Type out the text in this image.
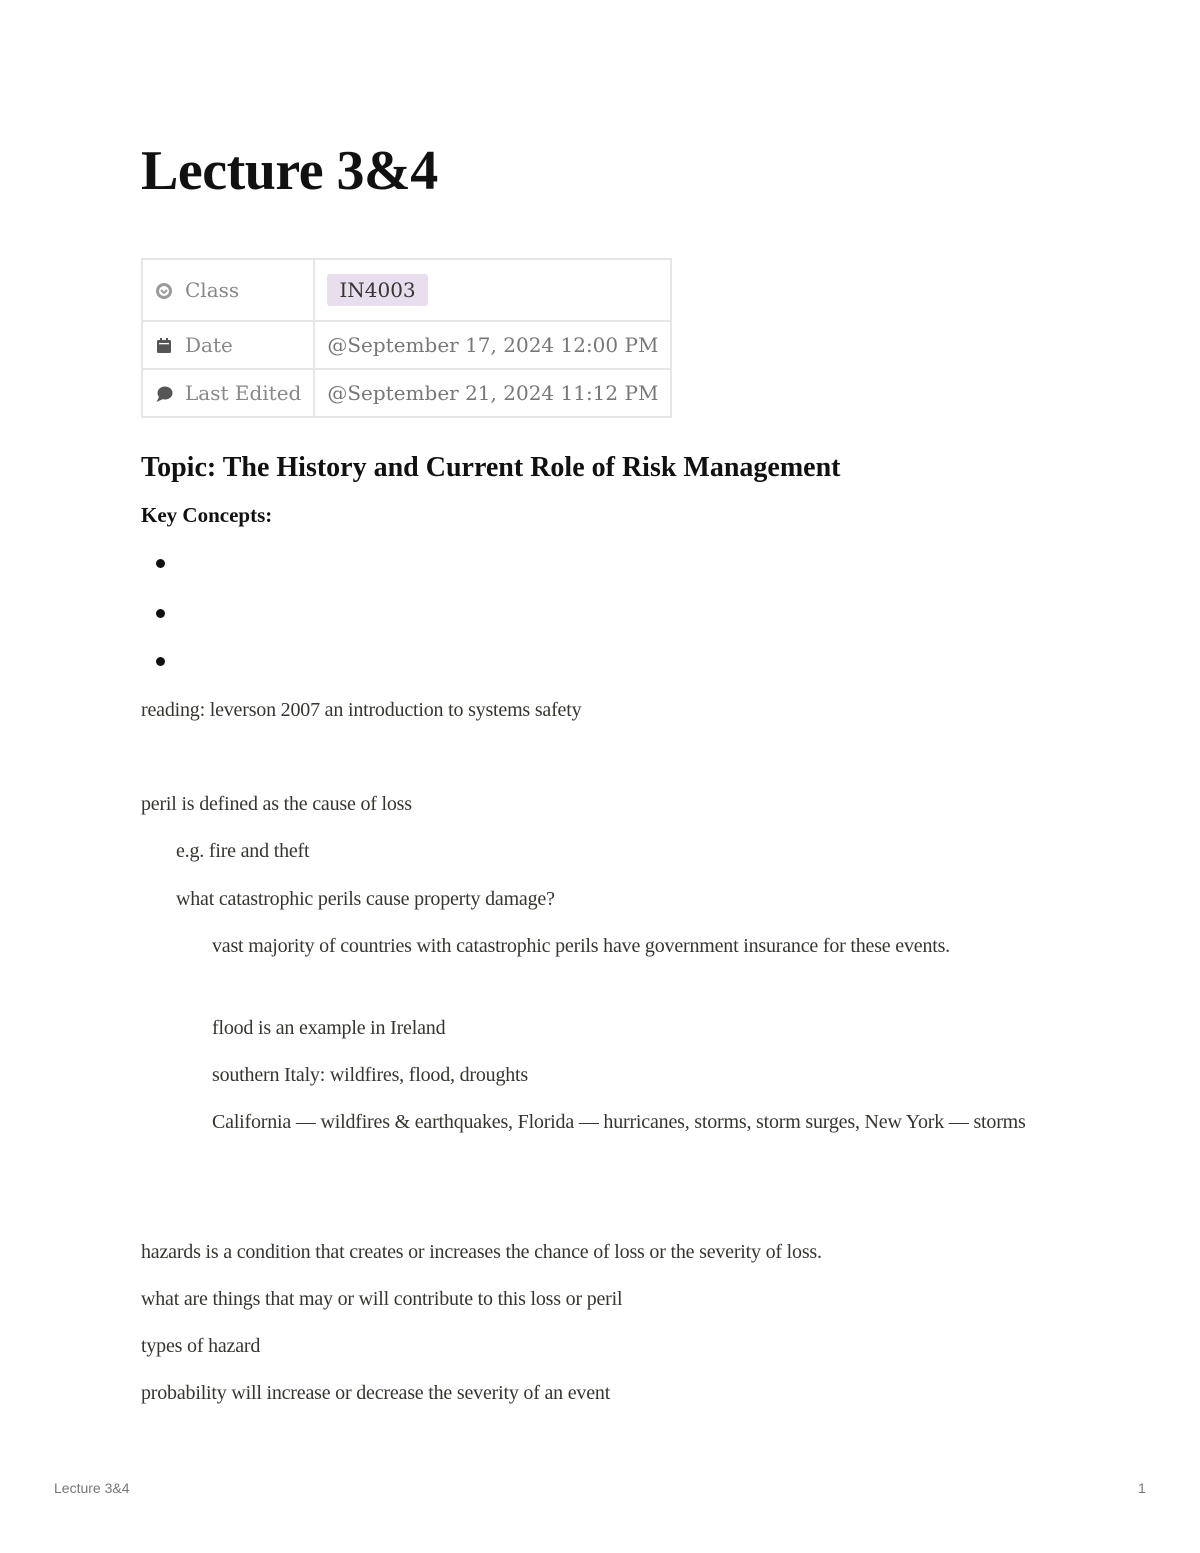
Lecture 3&4
Class	IN4003
Date	@September 17, 2024 12:00 PM
Last Edited	@September 21, 2024 11:12 PM
Topic: The History and Current Role of Risk Management
Key Concepts:

reading: leverson 2007 an introduction to systems safety

peril is defined as the cause of loss

e.g. fire and theft

what catastrophic perils cause property damage?

vast majority of countries with catastrophic perils have government insurance for these events.

flood is an example in Ireland

southern Italy: wildfires, flood, droughts

California — wildfires & earthquakes, Florida — hurricanes, storms, storm surges, New York — storms

hazards is a condition that creates or increases the chance of loss or the severity of loss.

what are things that may or will contribute to this loss or peril

types of hazard

probability will increase or decrease the severity of an event

Lecture 3&4	1
